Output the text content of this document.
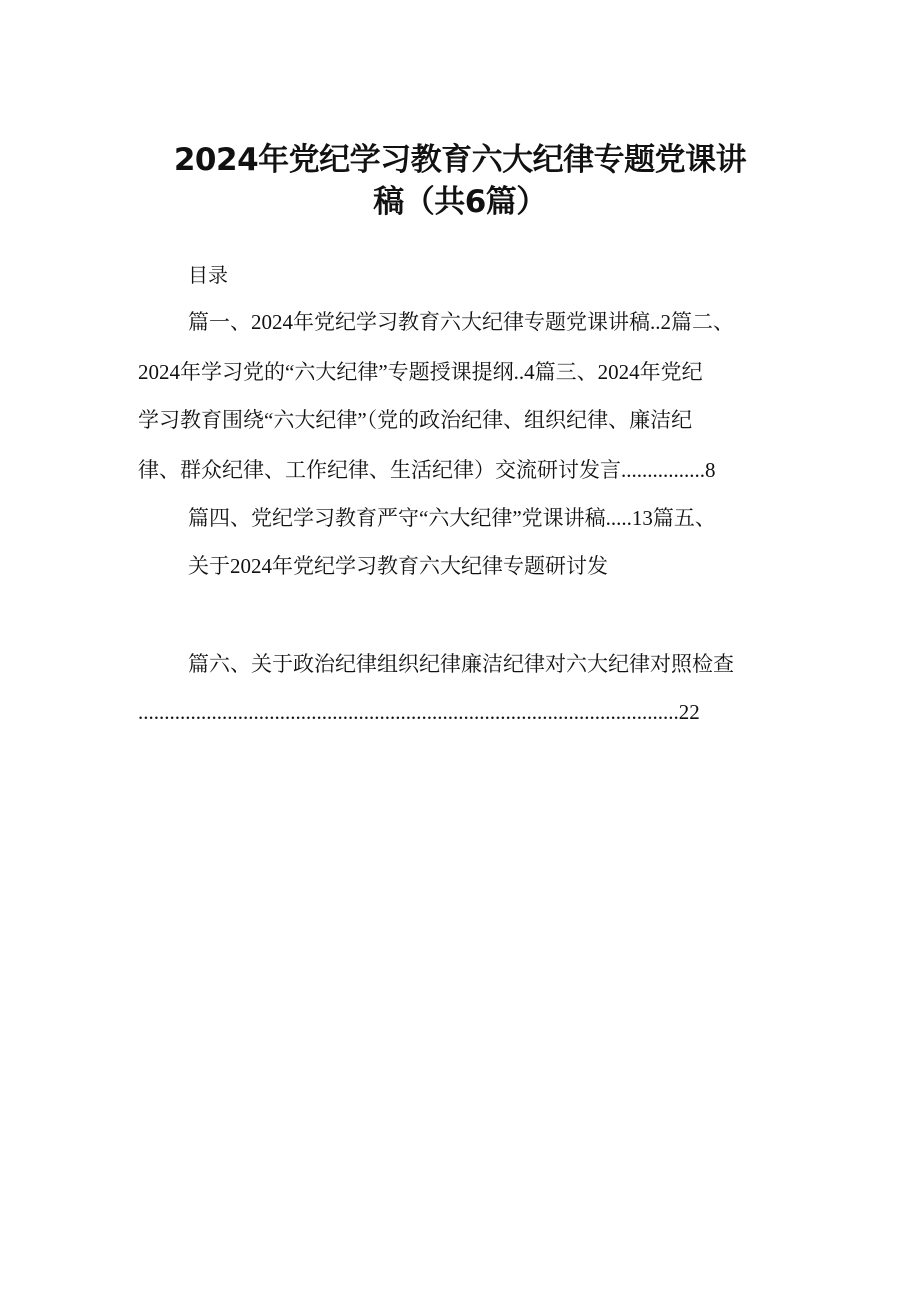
2024年党纪学习教育六大纪律专题党课讲
稿（共6篇）
目录
篇一、2024年党纪学习教育六大纪律专题党课讲稿..2篇二、
2024年学习党的“六大纪律”专题授课提纲..4篇三、2024年党纪
学习教育围绕“六大纪律”（党的政治纪律、组织纪律、廉洁纪
律、群众纪律、工作纪律、生活纪律）交流研讨发言................8
篇四、党纪学习教育严守“六大纪律”党课讲稿.....13篇五、
关于2024年党纪学习教育六大纪律专题研讨发
篇六、关于政治纪律组织纪律廉洁纪律对六大纪律对照检查
.......................................................................................................22
